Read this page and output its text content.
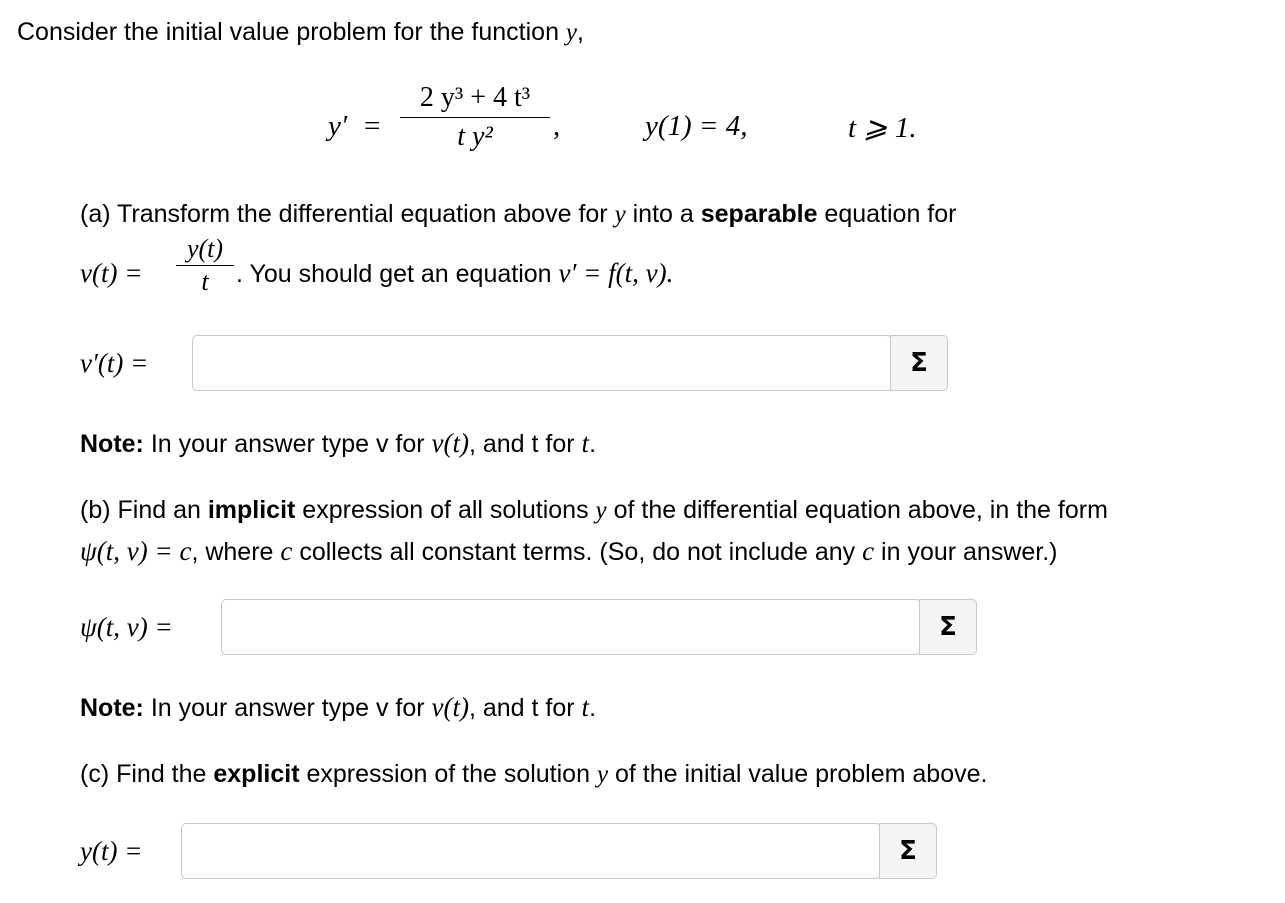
Consider the initial value problem for the function y,
y′ =
2 y³ + 4 t³
t y²	,	y(1) = 4,	t ⩾ 1.
(a) Transform the differential equation above for y into a separable equation for
v(t) =
y(t)
t	. You should get an equation v′ = f(t, v).
v′(t) =	Σ
Note: In your answer type v for v(t), and t for t.
(b) Find an implicit expression of all solutions y of the differential equation above, in the form
ψ(t, v) = c, where c collects all constant terms. (So, do not include any c in your answer.)
ψ(t, v) =	Σ
Note: In your answer type v for v(t), and t for t.
(c) Find the explicit expression of the solution y of the initial value problem above.
y(t) =	Σ
